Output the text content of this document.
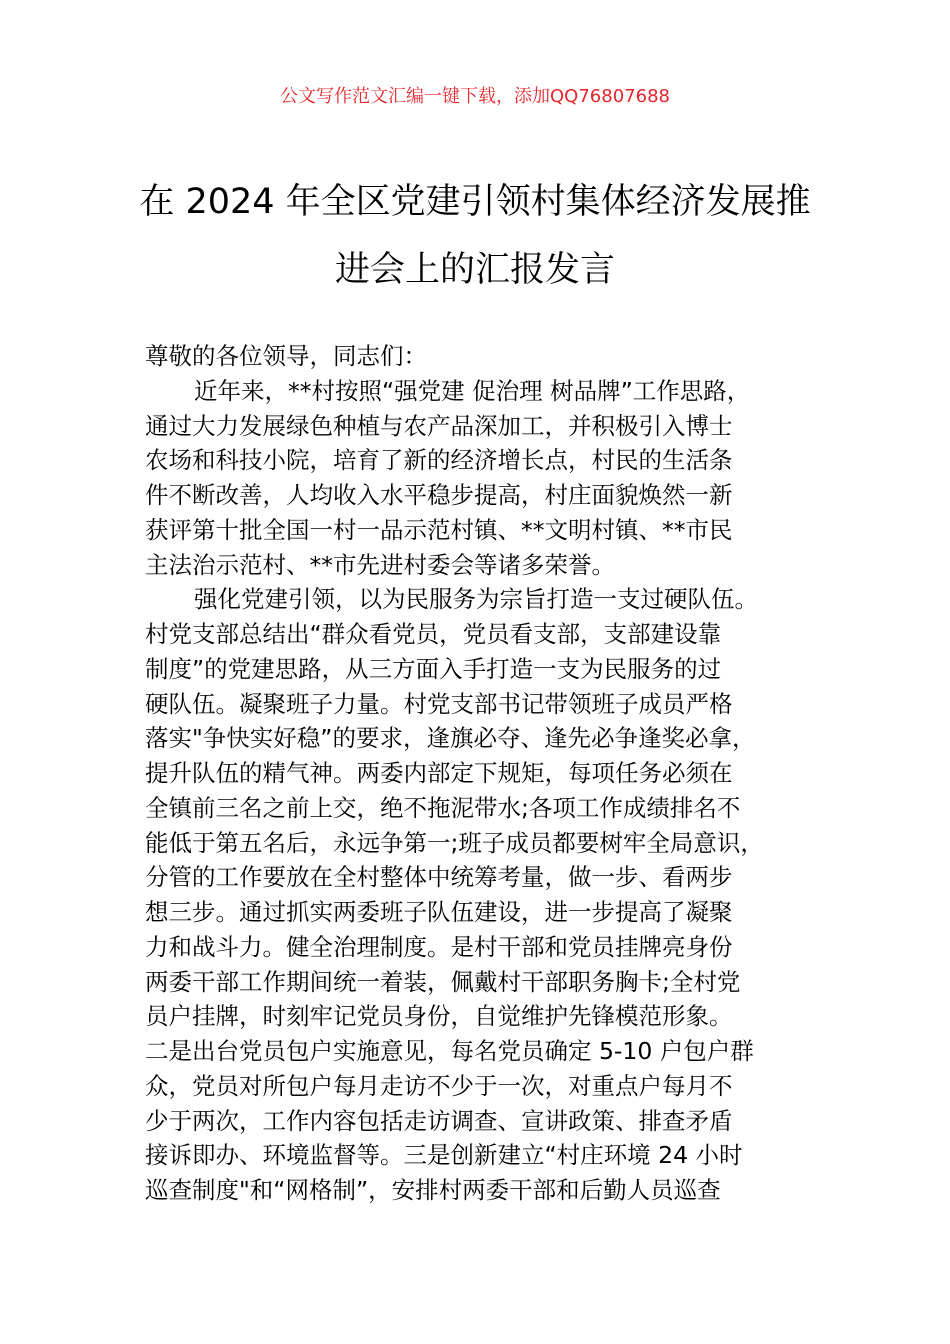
公文写作范文汇编一键下载，添加QQ76807688
在 2024 年全区党建引领村集体经济发展推
进会上的汇报发言
尊敬的各位领导，同志们：
近年来，**村按照“强党建 促治理 树品牌”工作思路，
通过大力发展绿色种植与农产品深加工，并积极引入博士
农场和科技小院，培育了新的经济增长点，村民的生活条
件不断改善，人均收入水平稳步提高，村庄面貌焕然一新
获评第十批全国一村一品示范村镇、**文明村镇、**市民
主法治示范村、**市先进村委会等诸多荣誉。
强化党建引领，以为民服务为宗旨打造一支过硬队伍。
村党支部总结出“群众看党员，党员看支部，支部建设靠
制度”的党建思路，从三方面入手打造一支为民服务的过
硬队伍。凝聚班子力量。村党支部书记带领班子成员严格
落实"争快实好稳”的要求，逢旗必夺、逢先必争逢奖必拿，
提升队伍的精气神。两委内部定下规矩，每项任务必须在
全镇前三名之前上交，绝不拖泥带水;各项工作成绩排名不
能低于第五名后，永远争第一;班子成员都要树牢全局意识，
分管的工作要放在全村整体中统筹考量，做一步、看两步
想三步。通过抓实两委班子队伍建设，进一步提高了凝聚
力和战斗力。健全治理制度。是村干部和党员挂牌亮身份
两委干部工作期间统一着装，佩戴村干部职务胸卡;全村党
员户挂牌，时刻牢记党员身份，自觉维护先锋模范形象。
二是出台党员包户实施意见，每名党员确定 5-10 户包户群
众，党员对所包户每月走访不少于一次，对重点户每月不
少于两次，工作内容包括走访调查、宣讲政策、排查矛盾
接诉即办、环境监督等。三是创新建立“村庄环境 24 小时
巡查制度"和“网格制”，安排村两委干部和后勤人员巡查
